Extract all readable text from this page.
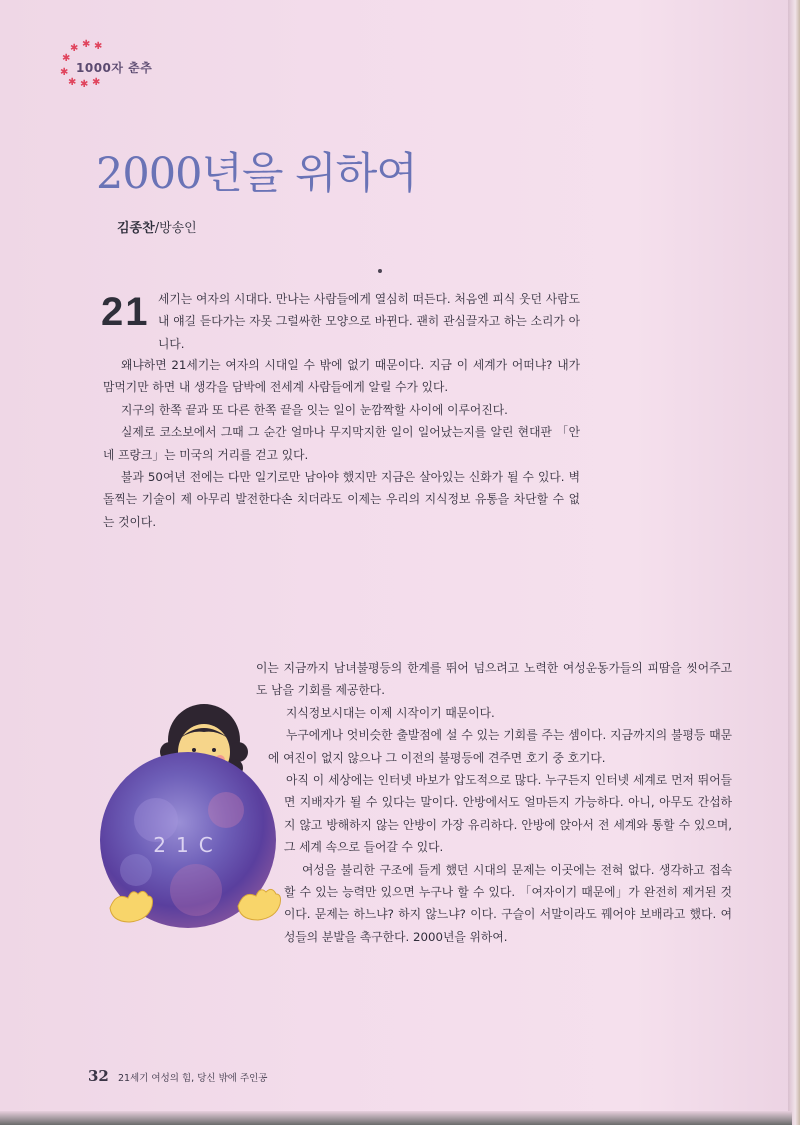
✱ ✱ ✱
✱
✱
✱ ✱ ✱
1000자 춘추
2000년을 위하여
김종찬/방송인
21 세기는 여자의 시대다. 만나는 사람들에게 열심히 떠든다. 처음엔 피식 웃던 사람도 내 얘길 듣다가는 자못 그럴싸한 모양으로 바뀐다. 괜히 관심끌자고 하는 소리가 아니다.

왜냐하면 21세기는 여자의 시대일 수 밖에 없기 때문이다. 지금 이 세계가 어떠냐? 내가 맘먹기만 하면 내 생각을 담박에 전세계 사람들에게 알릴 수가 있다.

지구의 한쪽 끝과 또 다른 한쪽 끝을 잇는 일이 눈깜짝할 사이에 이루어진다.

실제로 코소보에서 그때 그 순간 얼마나 무지막지한 일이 일어났는지를 알린 현대판 「안네 프랑크」는 미국의 거리를 걷고 있다.

불과 50여년 전에는 다만 일기로만 남아야 했지만 지금은 살아있는 신화가 될 수 있다. 벽돌찍는 기술이 제 아무리 발전한다손 치더라도 이제는 우리의 지식정보 유통을 차단할 수 없는 것이다.

이는 지금까지 남녀불평등의 한계를 뛰어 넘으려고 노력한 여성운동가들의 피땀을 씻어주고도 남을 기회를 제공한다.

지식정보시대는 이제 시작이기 때문이다.

누구에게나 엇비슷한 출발점에 설 수 있는 기회를 주는 셈이다. 지금까지의 불평등 때문에 여진이 없지 않으나 그 이전의 불평등에 견주면 호기 중 호기다.

아직 이 세상에는 인터넷 바보가 압도적으로 많다. 누구든지 인터넷 세계로 먼저 뛰어들면 지배자가 될 수 있다는 말이다. 안방에서도 얼마든지 가능하다. 아니, 아무도 간섭하지 않고 방해하지 않는 안방이 가장 유리하다. 안방에 앉아서 전 세계와 통할 수 있으며, 그 세계 속으로 들어갈 수 있다.

여성을 불리한 구조에 들게 했던 시대의 문제는 이곳에는 전혀 없다. 생각하고 접속할 수 있는 능력만 있으면 누구나 할 수 있다. 「여자이기 때문에」가 완전히 제거된 것이다. 문제는 하느냐? 하지 않느냐? 이다. 구슬이 서말이라도 꿰어야 보배라고 했다. 여성들의 분발을 촉구한다. 2000년을 위하여.

21C
32 21세기 여성의 힘, 당신 밖에 주인공
